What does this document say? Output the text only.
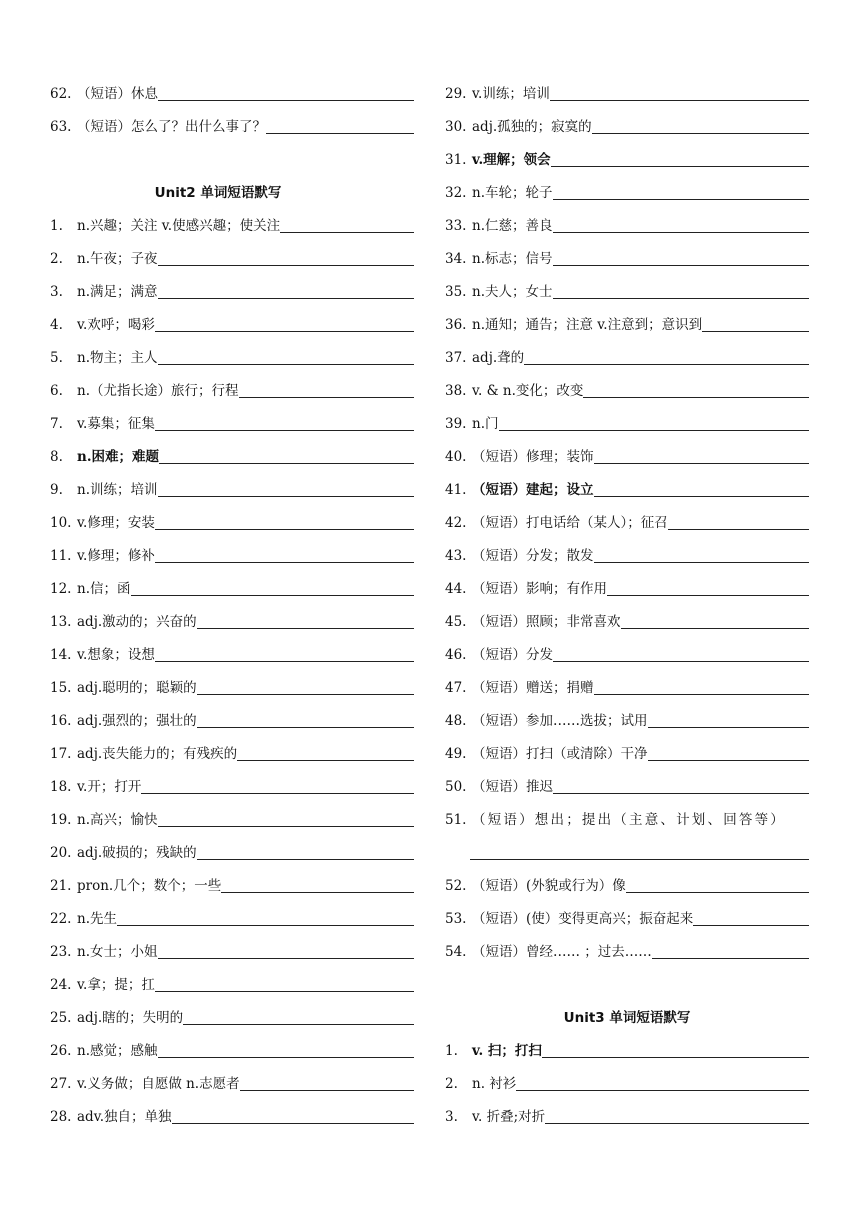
62. （短语）休息
63. （短语）怎么了？出什么事了？
Unit2 单词短语默写
1.	n.兴趣；关注 v.使感兴趣；使关注
2.	n.午夜；子夜
3.	n.满足；满意
4.	v.欢呼；喝彩
5.	n.物主；主人
6.	n.（尤指长途）旅行；行程
7.	v.募集；征集
8.	n.困难；难题
9.	n.训练；培训
10. v.修理；安装
11. v.修理；修补
12. n.信；函
13. adj.激动的；兴奋的
14. v.想象；设想
15. adj.聪明的；聪颖的
16. adj.强烈的；强壮的
17. adj.丧失能力的；有残疾的
18. v.开；打开
19. n.高兴；愉快
20. adj.破损的；残缺的
21. pron.几个；数个；一些
22. n.先生
23. n.女士；小姐
24. v.拿；提；扛
25. adj.瞎的；失明的
26. n.感觉；感触
27. v.义务做；自愿做 n.志愿者
28. adv.独自；单独
29. v.训练；培训
30. adj.孤独的；寂寞的
31. v.理解；领会
32. n.车轮；轮子
33. n.仁慈；善良
34. n.标志；信号
35. n.夫人；女士
36. n.通知；通告；注意 v.注意到；意识到
37. adj.聋的
38. v. & n.变化；改变
39. n.门
40. （短语）修理；装饰
41. （短语）建起；设立
42. （短语）打电话给（某人）；征召
43. （短语）分发；散发
44. （短语）影响；有作用
45. （短语）照顾；非常喜欢
46. （短语）分发
47. （短语）赠送；捐赠
48. （短语）参加……选拔；试用
49. （短语）打扫（或清除）干净
50. （短语）推迟
51. （短语）想出；提出（主意、计划、回答等）
52. （短语）(外貌或行为）像
53. （短语）(使）变得更高兴；振奋起来
54. （短语）曾经…… ；过去……
Unit3 单词短语默写
1.	v. 扫；打扫
2.	n. 衬衫
3.	v. 折叠;对折
